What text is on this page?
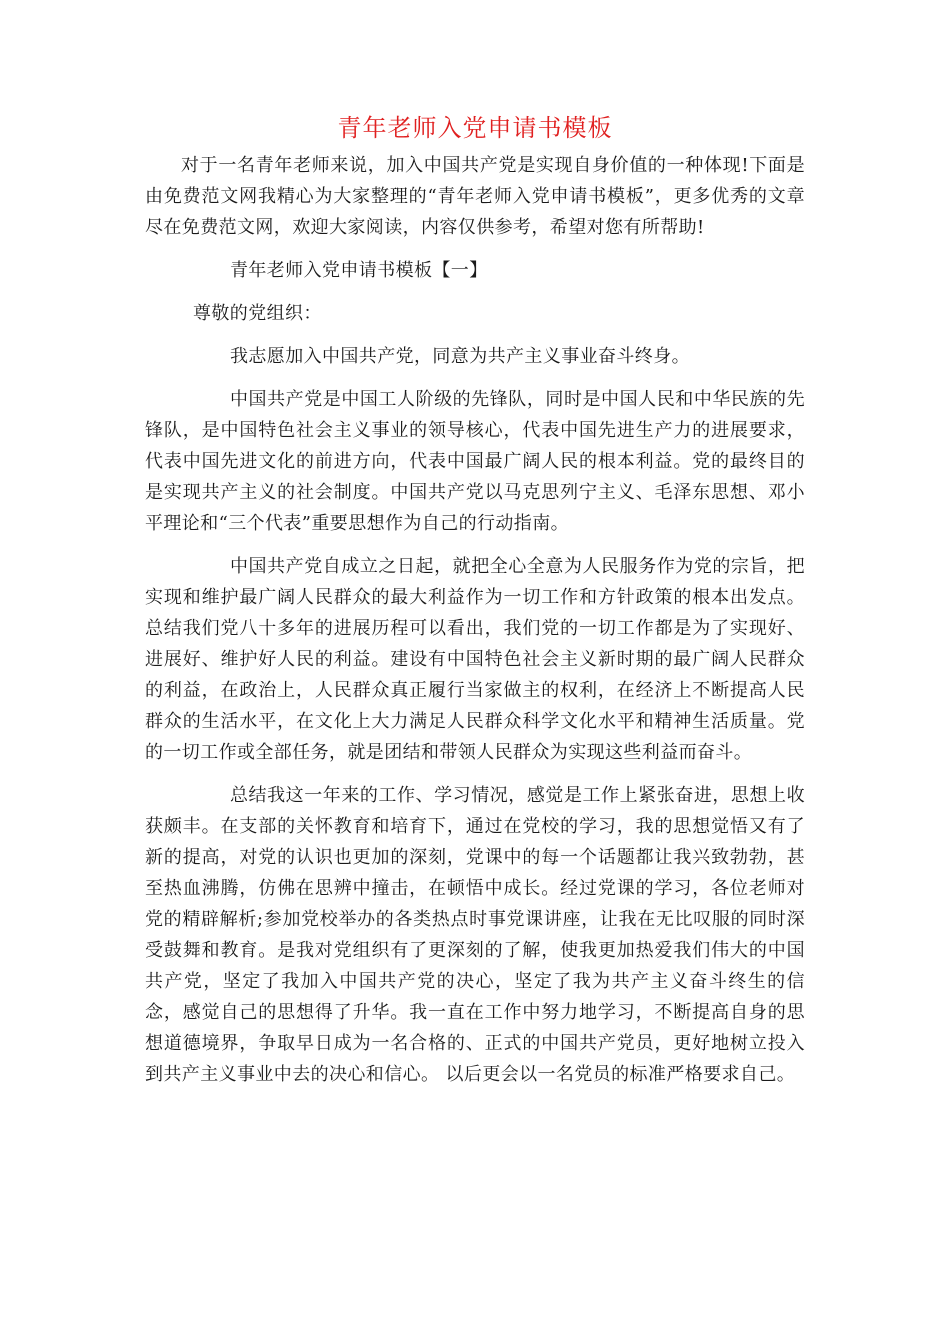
青年老师入党申请书模板

对于一名青年老师来说，加入中国共产党是实现自身价值的一种体现!下面是由免费范文网我精心为大家整理的“青年老师入党申请书模板”，更多优秀的文章尽在免费范文网，欢迎大家阅读，内容仅供参考，希望对您有所帮助!

青年老师入党申请书模板【一】

尊敬的党组织：

我志愿加入中国共产党，同意为共产主义事业奋斗终身。

中国共产党是中国工人阶级的先锋队，同时是中国人民和中华民族的先锋队，是中国特色社会主义事业的领导核心，代表中国先进生产力的进展要求，代表中国先进文化的前进方向，代表中国最广阔人民的根本利益。党的最终目的是实现共产主义的社会制度。中国共产党以马克思列宁主义、毛泽东思想、邓小平理论和“三个代表”重要思想作为自己的行动指南。

中国共产党自成立之日起，就把全心全意为人民服务作为党的宗旨，把实现和维护最广阔人民群众的最大利益作为一切工作和方针政策的根本出发点。总结我们党八十多年的进展历程可以看出，我们党的一切工作都是为了实现好、进展好、维护好人民的利益。建设有中国特色社会主义新时期的最广阔人民群众的利益，在政治上，人民群众真正履行当家做主的权利，在经济上不断提高人民群众的生活水平，在文化上大力满足人民群众科学文化水平和精神生活质量。党的一切工作或全部任务，就是团结和带领人民群众为实现这些利益而奋斗。

总结我这一年来的工作、学习情况，感觉是工作上紧张奋进，思想上收获颇丰。在支部的关怀教育和培育下，通过在党校的学习，我的思想觉悟又有了新的提高，对党的认识也更加的深刻，党课中的每一个话题都让我兴致勃勃，甚至热血沸腾，仿佛在思辨中撞击，在顿悟中成长。经过党课的学习，各位老师对党的精辟解析;参加党校举办的各类热点时事党课讲座，让我在无比叹服的同时深受鼓舞和教育。是我对党组织有了更深刻的了解，使我更加热爱我们伟大的中国共产党，坚定了我加入中国共产党的决心，坚定了我为共产主义奋斗终生的信念，感觉自己的思想得了升华。我一直在工作中努力地学习，不断提高自身的思想道德境界，争取早日成为一名合格的、正式的中国共产党员，更好地树立投入到共产主义事业中去的决心和信心。 以后更会以一名党员的标准严格要求自己。
